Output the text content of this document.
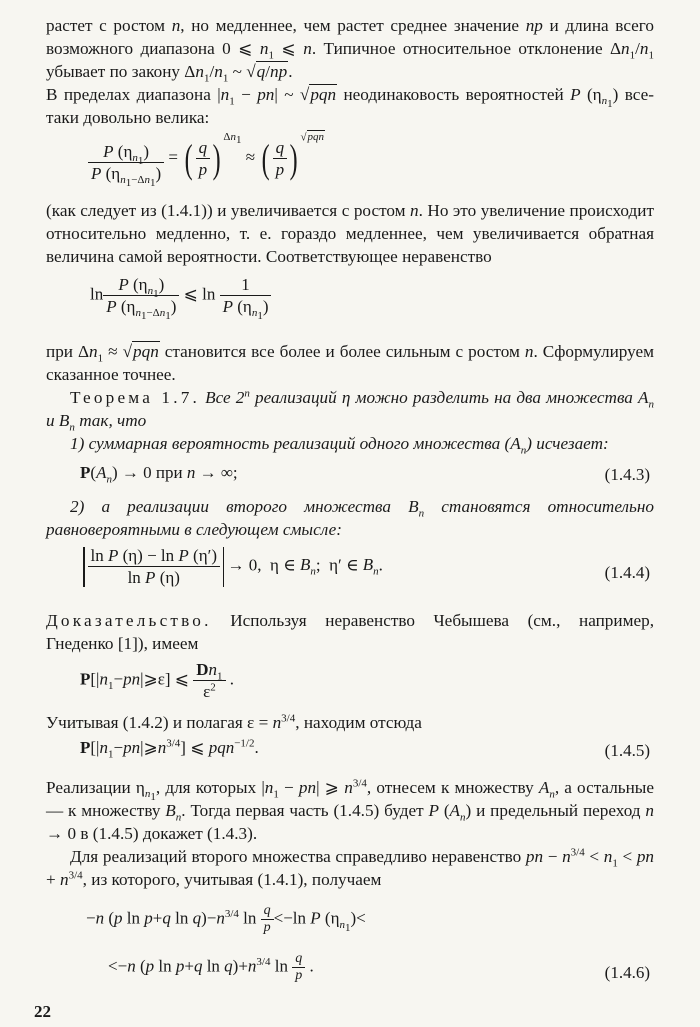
растет с ростом n, но медленнее, чем растет среднее значение np и длина всего возможного диапазона 0 ⩽ $n_1$ ⩽ n. Типичное относительное отклонение $\Delta n_1/n_1$ убывает по закону $\Delta n_1/n_1$ ~ √q/np.

В пределах диапазона $|n_1 - pn|$ ~ √pqn неодинаковость вероятностей P $(\eta_{n_1})$ все-таки довольно велика:

$\frac{P (\eta_{n_1})}{P (\eta_{n_1-\Delta n_1})}$ = ( $\frac{q}{p}$ ) $^{\Delta n_1}$ ≈ ( $\frac{q}{p}$ ) $^{√pqn}$

(как следует из (1.4.1)) и увеличивается с ростом n. Но это увеличение происходит относительно медленно, т. е. гораздо медленнее, чем увеличивается обратная величина самой вероятности. Соответствующее неравенство

$\ln \frac{P (\eta_{n_1})}{P (\eta_{n_1-\Delta n_1})}$ ⩽ $\ln \frac{1}{P (\eta_{n_1})}$

при $\Delta n_1 \approx √pqn$ становится все более и более сильным с ростом n. Сформулируем сказанное точнее.

Теорема 1.7. Все 2$^n$ реализаций η можно разделить на два множества $A_n$ и $B_n$ так, что

1) суммарная вероятность реализаций одного множества $(A_n)$ исчезает:

$P(A_n) \to 0$ при n → ∞;	(1.4.3)

2) а реализации второго множества $B_n$ становятся относительно равновероятными в следующем смысле:

$\frac{\text{ln P (η) − ln P (η′)}}{\text{ln P (η)}} \to 0$,  η ∈ $B_n$;  η′ ∈ $B_n$.	(1.4.4)

Доказательство. Используя неравенство Чебышева (см., например, Гнеденко [1]), имеем

$P[|n_1-pn|⩾\varepsilon]$ ⩽ $\frac{Dn_1}{\varepsilon^2}$ .

Учитывая (1.4.2) и полагая $\varepsilon = n^{3/4}$, находим отсюда

$P[|n_1-pn|⩾n^{3/4}]$ ⩽ pqn$^{-1/2}$.	(1.4.5)

Реализации $\eta_{n_1}$, для которых $|n_1 - pn|$ ⩾ $n^{3/4}$, отнесем к множеству $A_n$, а остальные — к множеству $B_n$. Тогда первая часть (1.4.5) будет P $(A_n)$ и предельный переход n → 0 в (1.4.5) докажет (1.4.3).

Для реализаций второго множества справедливо неравенство pn − $n^{3/4} < n_1$ < pn + $n^{3/4}$, из которого, учитывая (1.4.1), получаем

−n (p ln p+q $\ln q)-n^{3/4}$ $\ln \frac{q}{p} <-\ln$ P $(\eta_{n_1})<$
<−n (p ln p+q $\ln q)+n^{3/4}$ $\ln \frac{q}{p}$ .	(1.4.6)
22
